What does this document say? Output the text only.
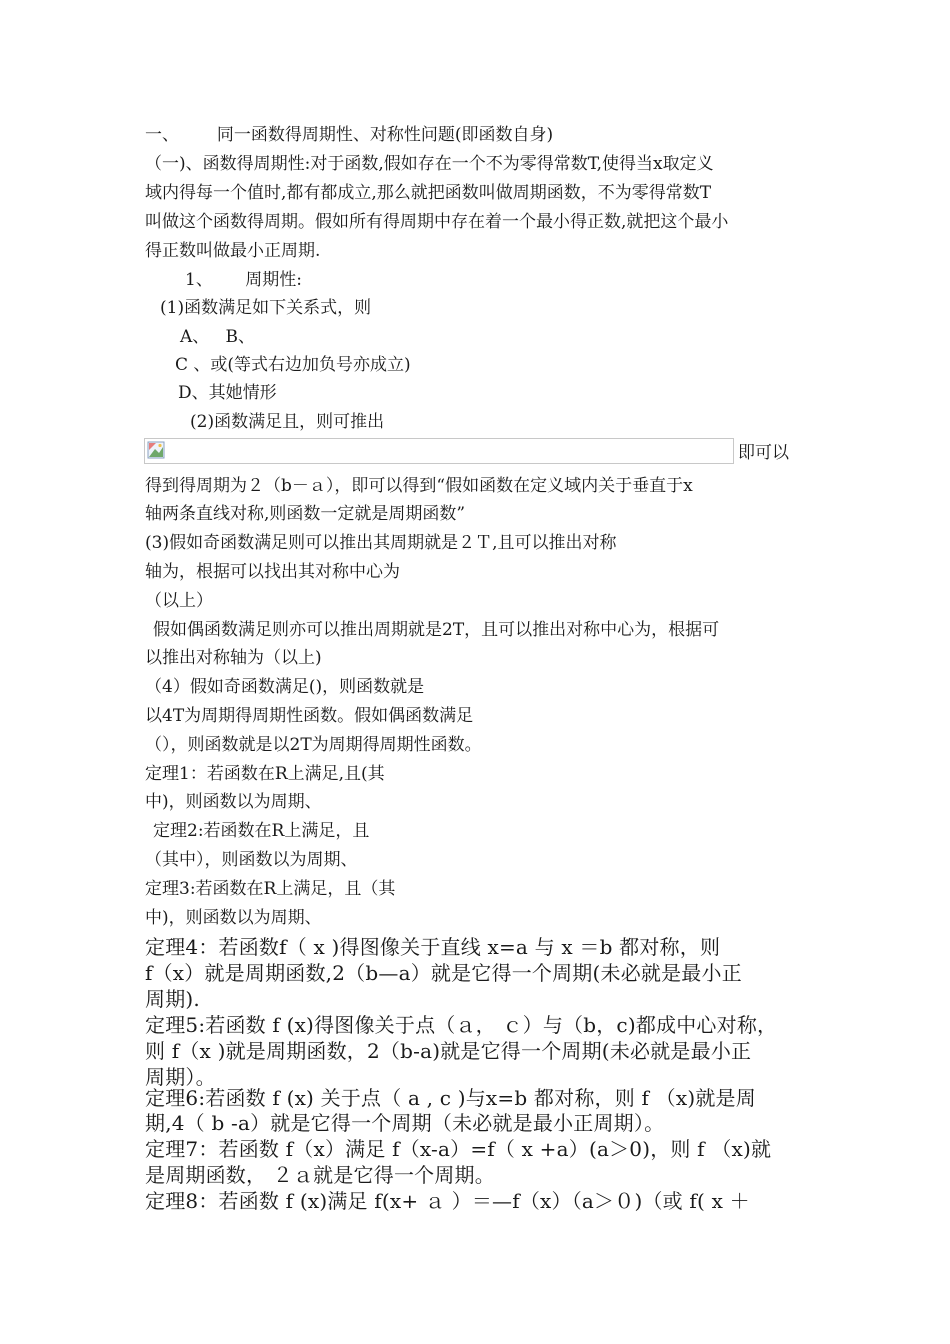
一、       同一函数得周期性、对称性问题(即函数自身)
（一)、函数得周期性:对于函数,假如存在一个不为零得常数T,使得当x取定义
域内得每一个值时,都有都成立,那么就把函数叫做周期函数，不为零得常数T
叫做这个函数得周期。假如所有得周期中存在着一个最小得正数,就把这个最小
得正数叫做最小正周期.
1、      周期性:
(1)函数满足如下关系式，则
A、   B、
C 、或(等式右边加负号亦成立)
D、其她情形
(2)函数满足且，则可推出
即可以
得到得周期为２（b－ａ），即可以得到“假如函数在定义域内关于垂直于x
轴两条直线对称,则函数一定就是周期函数”
(3)假如奇函数满足则可以推出其周期就是２Ｔ,且可以推出对称
轴为，根据可以找出其对称中心为
（以上）
假如偶函数满足则亦可以推出周期就是2T，且可以推出对称中心为，根据可
以推出对称轴为（以上)
（4）假如奇函数满足()，则函数就是
以4T为周期得周期性函数。假如偶函数满足
（），则函数就是以2T为周期得周期性函数。
定理1：若函数在R上满足,且(其
中)，则函数以为周期、
定理2:若函数在R上满足，且
（其中），则函数以为周期、
定理3:若函数在R上满足，且（其
中)，则函数以为周期、
定理4：若函数f（ x )得图像关于直线 x=a 与 x ＝b 都对称，则
f（x）就是周期函数,2（b—a）就是它得一个周期(未必就是最小正
周期).
定理5:若函数 f (x)得图像关于点（ａ， ｃ）与（b，c)都成中心对称，
则 f（x )就是周期函数，2（b-a)就是它得一个周期(未必就是最小正
周期）。
定理6:若函数 f (x) 关于点（ a , c )与x=b 都对称，则 f （x)就是周
期,4（ b -a）就是它得一个周期（未必就是最小正周期）。
定理7：若函数 f（x）满足 f（x-a）=f（ x +a）(a＞0)，则 f （x)就
是周期函数， ２ａ就是它得一个周期。
定理8：若函数 f (x)满足 f(x+ ａ ）＝—f（x）（a＞０)（或 f( x ＋
